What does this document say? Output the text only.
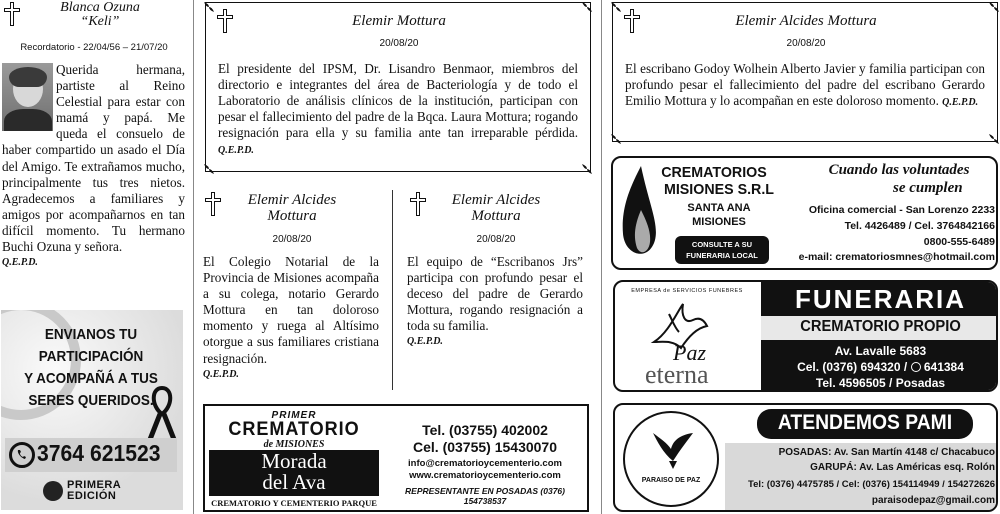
Blanca Ozuna
“Keli”
Recordatorio - 22/04/56 – 21/07/20
Querida hermana, partiste al Reino Celestial para estar con mamá y papá. Me queda el consuelo de haber compartido un asado el Día del Amigo. Te extrañamos mucho, principalmente tus tres nietos. Agradecemos a familiares y amigos por acompañarnos en tan difícil momento. Tu hermano Buchi Ozuna y señora.
Q.E.P.D.
ENVIANOS TU
PARTICIPACIÓN
Y ACOMPAÑÁ A TUS
SERES QUERIDOS.
3764 621523
PRIMERA
EDICIÓN
Elemir Mottura
20/08/20
El presidente del IPSM, Dr. Lisandro Benmaor, miembros del directorio e integrantes del área de Bacteriología y de todo el Laboratorio de análisis clínicos de la institución, participan con pesar el fallecimiento del padre de la Bqca. Laura Mottura; rogando resignación para ella y su familia ante tan irreparable pérdida. Q.E.P.D.
Elemir Alcides
Mottura
20/08/20
El Colegio Notarial de la Provincia de Misiones acompaña a su colega, notario Gerardo Mottura en tan doloroso momento y ruega al Altísimo otorgue a sus familiares cristiana resignación.
Q.E.P.D.
Elemir Alcides
Mottura
20/08/20
El equipo de “Escribanos Jrs” participa con profundo pesar el deceso del padre de Gerardo Mottura, rogando resignación a toda su familia.
Q.E.P.D.
PRIMER
CREMATORIO
de MISIONES
Morada
del Ava
CREMATORIO Y CEMENTERIO PARQUE
Tel. (03755) 402002
Cel. (03755) 15430070
info@crematorioycementerio.com
www.crematorioycementerio.com
REPRESENTANTE EN POSADAS (0376) 154738537
Elemir Alcides Mottura
20/08/20
El escribano Godoy Wolhein Alberto Javier y familia participan con profundo pesar el fallecimiento del padre del escribano Gerardo Emilio Mottura y lo acompañan en este doloroso momento. Q.E.P.D.
CREMATORIOS
MISIONES S.R.L
SANTA ANA
MISIONES
CONSULTE A SU
FUNERARIA LOCAL
Cuando las voluntades
se cumplen
Oficina comercial - San Lorenzo 2233
Tel. 4426489 / Cel. 3764842166
0800-555-6489
e-mail: crematoriosmnes@hotmail.com
EMPRESA de SERVICIOS FUNEBRES
Paz
eterna
FUNERARIA
CREMATORIO PROPIO
Av. Lavalle 5683
Cel. (0376) 694320 / 641384
Tel. 4596505 / Posadas
PARAISO DE PAZ
ATENDEMOS PAMI
POSADAS: Av. San Martín 4148 c/ Chacabuco
GARUPÁ: Av. Las Américas esq. Rolón
Tel: (0376) 4475785 / Cel: (0376) 154114949 / 154272626
paraisodepaz@gmail.com
